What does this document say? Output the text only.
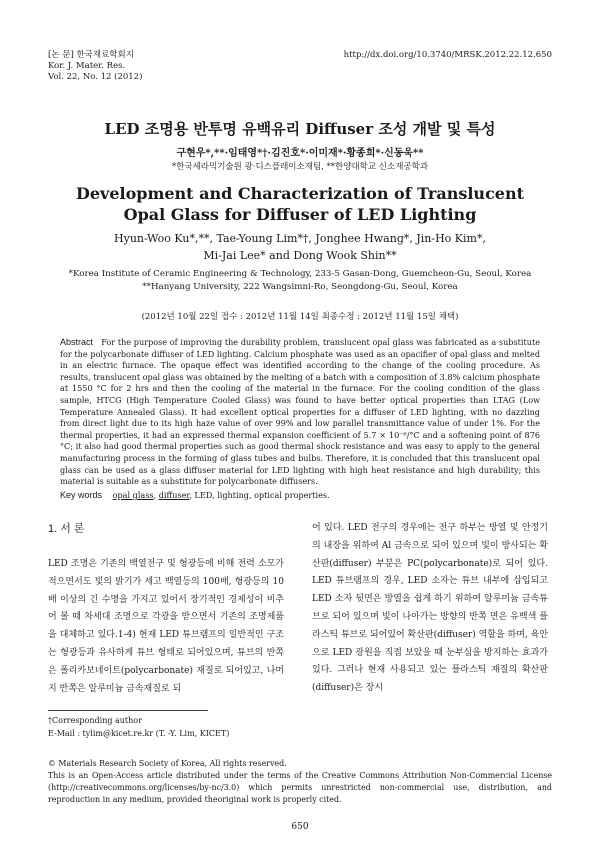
[논 문] 한국재료학회지
Kor. J. Mater. Res.
Vol. 22, No. 12 (2012)
http://dx.doi.org/10.3740/MRSK.2012.22.12.650
LED 조명용 반투명 유백유리 Diffuser 조성 개발 및 특성
구현우*,**·임태영*†·김진호*·이미재*·황종희*·신동욱**
*한국세라믹기술원 광·디스플레이소재팀, **한양대학교 신소재공학과
Development and Characterization of Translucent Opal Glass for Diffuser of LED Lighting
Hyun-Woo Ku*,**, Tae-Young Lim*†, Jonghee Hwang*, Jin-Ho Kim*,
Mi-Jai Lee* and Dong Wook Shin**
*Korea Institute of Ceramic Engineering & Technology, 233-5 Gasan-Dong, Guemcheon-Gu, Seoul, Korea
**Hanyang University, 222 Wangsimni-Ro, Seongdong-Gu, Seoul, Korea
(2012년 10월 22일 접수 : 2012년 11월 14일 최종수정 : 2012년 11월 15일 채택)
Abstract For the purpose of improving the durability problem, translucent opal glass was fabricated as a substitute for the polycarbonate diffuser of LED lighting. Calcium phosphate was used as an opacifier of opal glass and melted in an electric furnace. The opaque effect was identified according to the change of the cooling procedure. As results, translucent opal glass was obtained by the melting of a batch with a composition of 3.8% calcium phosphate at 1550 °C for 2 hrs and then the cooling of the material in the furnace. For the cooling condition of the glass sample, HTCG (High Temperature Cooled Glass) was found to have better optical properties than LTAG (Low Temperature Annealed Glass). It had excellent optical properties for a diffuser of LED lighting, with no dazzling from direct light due to its high haze value of over 99% and low parallel transmittance value of under 1%. For the thermal properties, it had an expressed thermal expansion coefficient of 5.7 × 10⁻⁶/°C and a softening point of 876 °C; it also had good thermal properties such as good thermal shock resistance and was easy to apply to the general manufacturing process in the forming of glass tubes and bulbs. Therefore, it is concluded that this translucent opal glass can be used as a glass diffuser material for LED lighting with high heat resistance and high durability; this material is suitable as a substitute for polycarbonate diffusers.
Key words opal glass, diffuser, LED, lighting, optical properties.
1. 서 론
LED 조명은 기존의 백열전구 및 형광등에 비해 전력 소모가 적으면서도 빛의 밝기가 세고 백열등의 100배, 형광등의 10배 이상의 긴 수명을 가지고 있어서 장기적인 경제성이 비추어 볼 때 차세대 조명으로 각광을 받으면서 기존의 조명제품을 대체하고 있다.1-4) 현재 LED 튜브램프의 일반적인 구조는 형광등과 유사하게 튜브 형태로 되어있으며, 튜브의 반쪽은 폴리카보네이트(polycarbonate) 재질로 되어있고, 나머지 반쪽은 알루미늄 금속재질로 되
어 있다. LED 전구의 경우에는 전구 하부는 방열 및 안정기의 내장을 위하여 Al 금속으로 되어 있으며 빛이 방사되는 확산판(diffuser) 부분은 PC(polycarbonate)로 되어 있다. LED 튜브램프의 경우, LED 소자는 튜브 내부에 삽입되고 LED 소자 뒷면은 방열을 쉽게 하기 위하여 알루미늄 금속튜브로 되어 있으며 빛이 나아가는 방향의 반쪽 면은 유백색 플라스틱 튜브로 되어있어 확산판(diffuser) 역할을 하며, 육안으로 LED 광원을 직접 보았을 때 눈부심을 방지하는 효과가 있다. 그러나 현재 사용되고 있는 플라스틱 재질의 확산판(diffuser)은 장시
†Corresponding author
E-Mail : tylim@kicet.re.kr (T. -Y. Lim, KICET)
© Materials Research Society of Korea, All rights reserved.
This is an Open-Access article distributed under the terms of the Creative Commons Attribution Non-Commercial License (http://creativecommons.org/licenses/by-nc/3.0) which permits unrestricted non-commercial use, distribution, and reproduction in any medium, provided theoriginal work is properly cited.
650
